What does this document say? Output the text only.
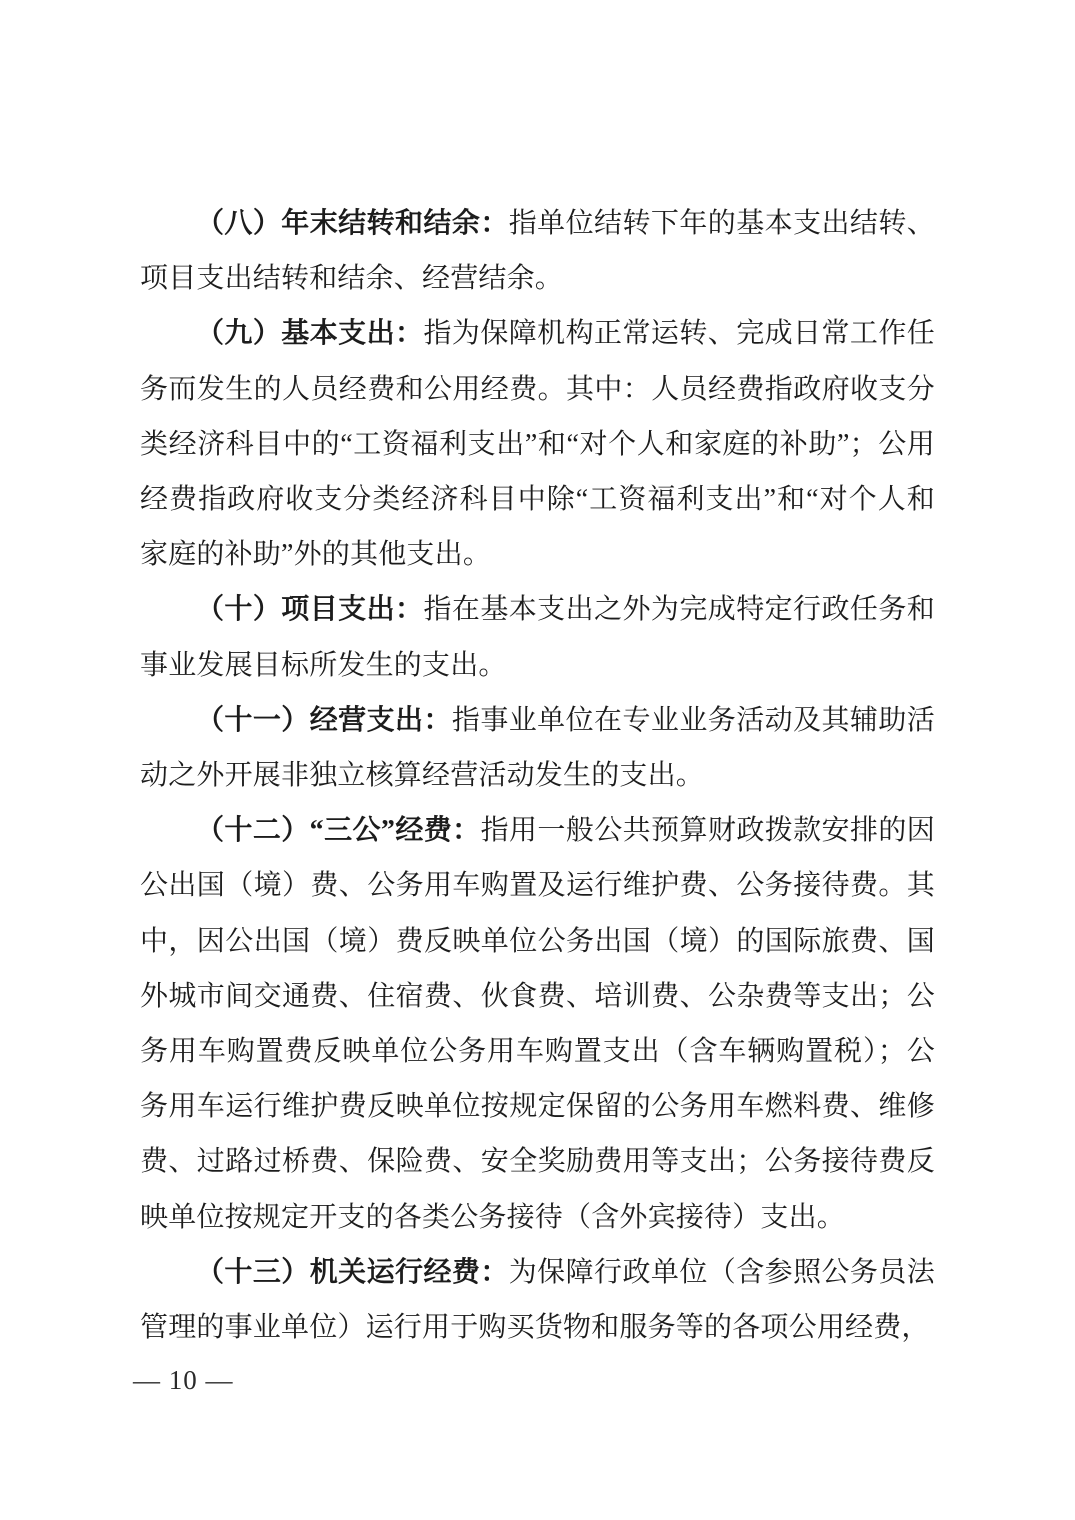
（八）年末结转和结余：指单位结转下年的基本支出结转、项目支出结转和结余、经营结余。

（九）基本支出：指为保障机构正常运转、完成日常工作任务而发生的人员经费和公用经费。其中：人员经费指政府收支分类经济科目中的“工资福利支出”和“对个人和家庭的补助”；公用经费指政府收支分类经济科目中除“工资福利支出”和“对个人和家庭的补助”外的其他支出。

（十）项目支出：指在基本支出之外为完成特定行政任务和事业发展目标所发生的支出。

（十一）经营支出：指事业单位在专业业务活动及其辅助活动之外开展非独立核算经营活动发生的支出。

（十二）“三公”经费：指用一般公共预算财政拨款安排的因公出国（境）费、公务用车购置及运行维护费、公务接待费。其中，因公出国（境）费反映单位公务出国（境）的国际旅费、国外城市间交通费、住宿费、伙食费、培训费、公杂费等支出；公务用车购置费反映单位公务用车购置支出（含车辆购置税）；公务用车运行维护费反映单位按规定保留的公务用车燃料费、维修费、过路过桥费、保险费、安全奖励费用等支出；公务接待费反映单位按规定开支的各类公务接待（含外宾接待）支出。

（十三）机关运行经费：为保障行政单位（含参照公务员法管理的事业单位）运行用于购买货物和服务等的各项公用经费，

— 10 —
